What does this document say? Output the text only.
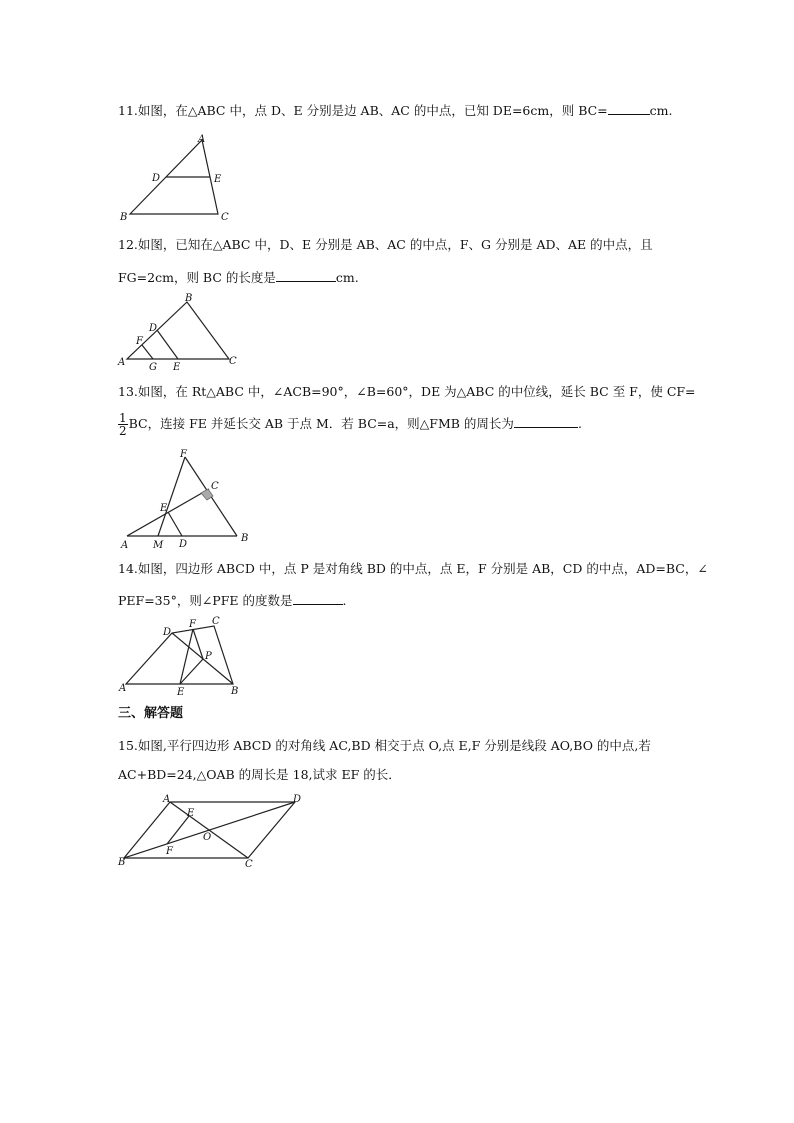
11.如图，在△ABC 中，点 D、E 分别是边 AB、AC 的中点，已知 DE=6cm，则 BC=	cm.
A
B	C
D	E
12.如图，已知在△ABC 中，D、E 分别是 AB、AC 的中点，F、G 分别是 AD、AE 的中点，且
FG=2cm，则 BC 的长度是	cm.
B
A	C
D
F
G E
13.如图，在 Rt△ABC 中，∠ACB=90°，∠B=60°，DE 为△ABC 的中位线，延长 BC 至 F，使 CF=
$\frac{1}{2}$ BC，连接 FE 并延长交 AB 于点 M．若 BC=a，则△FMB 的周长为	.
F
C
E
A M D
B
14.如图，四边形 ABCD 中，点 P 是对角线 BD 的中点，点 E，F 分别是 AB，CD 的中点，AD=BC，∠
PEF=35°，则∠PFE 的度数是	.
D
F C
P
A	E	B
三、解答题
15.如图,平行四边形 ABCD 的对角线 AC,BD 相交于点 O,点 E,F 分别是线段 AO,BO 的中点,若
AC+BD=24,△OAB 的周长是 18,试求 EF 的长．
A	D
E
O
F
B	C
